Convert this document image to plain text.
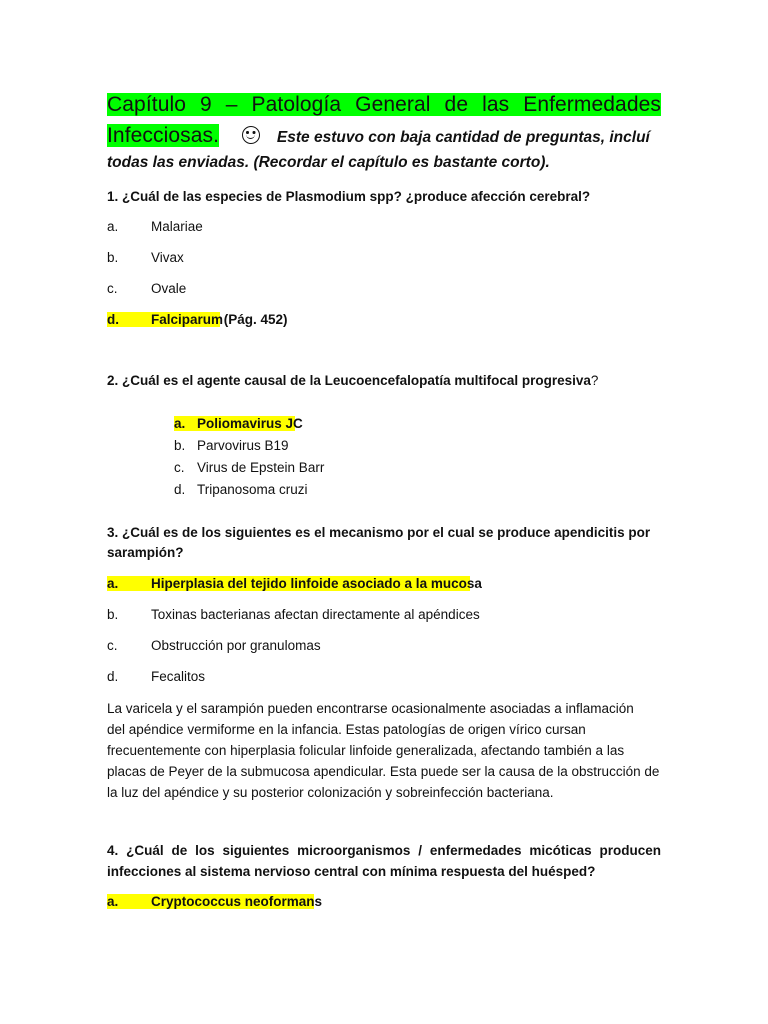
Capítulo 9 – Patología General de las Enfermedades
Infecciosas.	Este estuvo con baja cantidad de preguntas, incluí
todas las enviadas. (Recordar el capítulo es bastante corto).
1. ¿Cuál de las especies de Plasmodium spp? ¿produce afección cerebral?
a. Malariae
b. Vivax
c. Ovale
d. Falciparum
(Pág. 452)
2. ¿Cuál es el agente causal de la Leucoencefalopatía multifocal progresiva?
a. Poliomavirus JC
b. Parvovirus B19
c. Virus de Epstein Barr
d. Tripanosoma cruzi
3. ¿Cuál es de los siguientes es el mecanismo por el cual se produce apendicitis por
sarampión?
a. Hiperplasia del tejido linfoide asociado a la mucosa
b. Toxinas bacterianas afectan directamente al apéndices
c. Obstrucción por granulomas
d. Fecalitos
La varicela y el sarampión pueden encontrarse ocasionalmente asociadas a inflamación
del apéndice vermiforme en la infancia. Estas patologías de origen vírico cursan
frecuentemente con hiperplasia folicular linfoide generalizada, afectando también a las
placas de Peyer de la submucosa apendicular. Esta puede ser la causa de la obstrucción de
la luz del apéndice y su posterior colonización y sobreinfección bacteriana.
4. ¿Cuál de los siguientes microorganismos / enfermedades micóticas producen
infecciones al sistema nervioso central con mínima respuesta del huésped?
a. Cryptococcus neoformans
